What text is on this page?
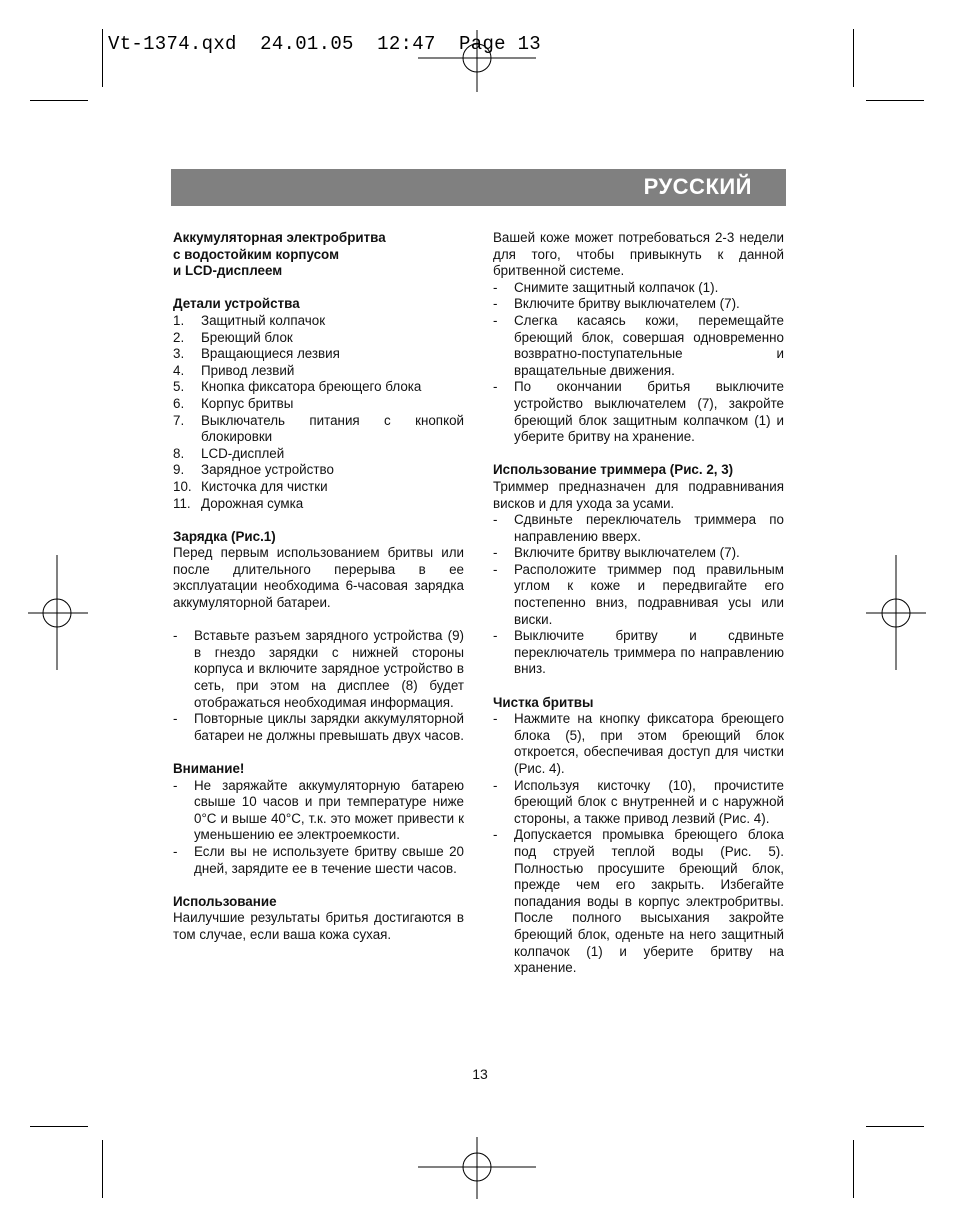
Vt-1374.qxd  24.01.05  12:47  Page 13
РУССКИЙ

Аккумуляторная электробритва

с водостойким корпусом

и LCD-дисплеем

Детали устройства

1.	Защитный колпачок
2.	Бреющий блок
3.	Вращающиеся лезвия
4.	Привод лезвий
5.	Кнопка фиксатора бреющего блока
6.	Корпус бритвы
7.	Выключатель питания с кнопкой блокировки
8.	LCD-дисплей
9.	Зарядное устройство
10. Кисточка для чистки
11. Дорожная сумка

Зарядка (Рис.1)

Перед первым использованием бритвы или после длительного перерыва в ее эксплуатации необходима 6-часовая зарядка аккумуляторной батареи.

-	Вставьте разъем зарядного устройства (9) в гнездо зарядки с нижней стороны корпуса и включите зарядное устройство в сеть, при этом на дисплее (8) будет отображаться необходимая информация.
-	Повторные циклы зарядки аккумуляторной батареи не должны превышать двух часов.

Внимание!

-	Не заряжайте аккумуляторную батарею свыше 10 часов и при температуре ниже 0°С и выше 40°С, т.к. это может привести к уменьшению ее электроемкости.
-	Если вы не используете бритву свыше 20 дней, зарядите ее в течение шести часов.

Использование

Наилучшие результаты бритья достигаются в том случае, если ваша кожа сухая.

Вашей коже может потребоваться 2-3 недели для того, чтобы привыкнуть к данной бритвенной системе.

-	Снимите защитный колпачок (1).
-	Включите бритву выключателем (7).
-	Слегка касаясь кожи, перемещайте бреющий блок, совершая одновременно возвратно-поступательные и вращательные движения.
-	По окончании бритья выключите устройство выключателем (7), закройте бреющий блок защитным колпачком (1) и уберите бритву на хранение.

Использование триммера (Рис. 2, 3)

Триммер предназначен для подравнивания висков и для ухода за усами.

-	Сдвиньте переключатель триммера по направлению вверх.
-	Включите бритву выключателем (7).
-	Расположите триммер под правильным углом к коже и передвигайте его постепенно вниз, подравнивая усы или виски.
-	Выключите бритву и сдвиньте переключатель триммера по направлению вниз.

Чистка бритвы

-	Нажмите на кнопку фиксатора бреющего блока (5), при этом бреющий блок откроется, обеспечивая доступ для чистки (Рис. 4).
-	Используя кисточку (10), прочистите бреющий блок с внутренней и с наружной стороны, а также привод лезвий (Рис. 4).
-	Допускается промывка бреющего блока под струей теплой воды (Рис. 5). Полностью просушите бреющий блок, прежде чем его закрыть. Избегайте попадания воды в корпус электробритвы. После полного высыхания закройте бреющий блок, оденьте на него защитный колпачок (1) и уберите бритву на хранение.
13
